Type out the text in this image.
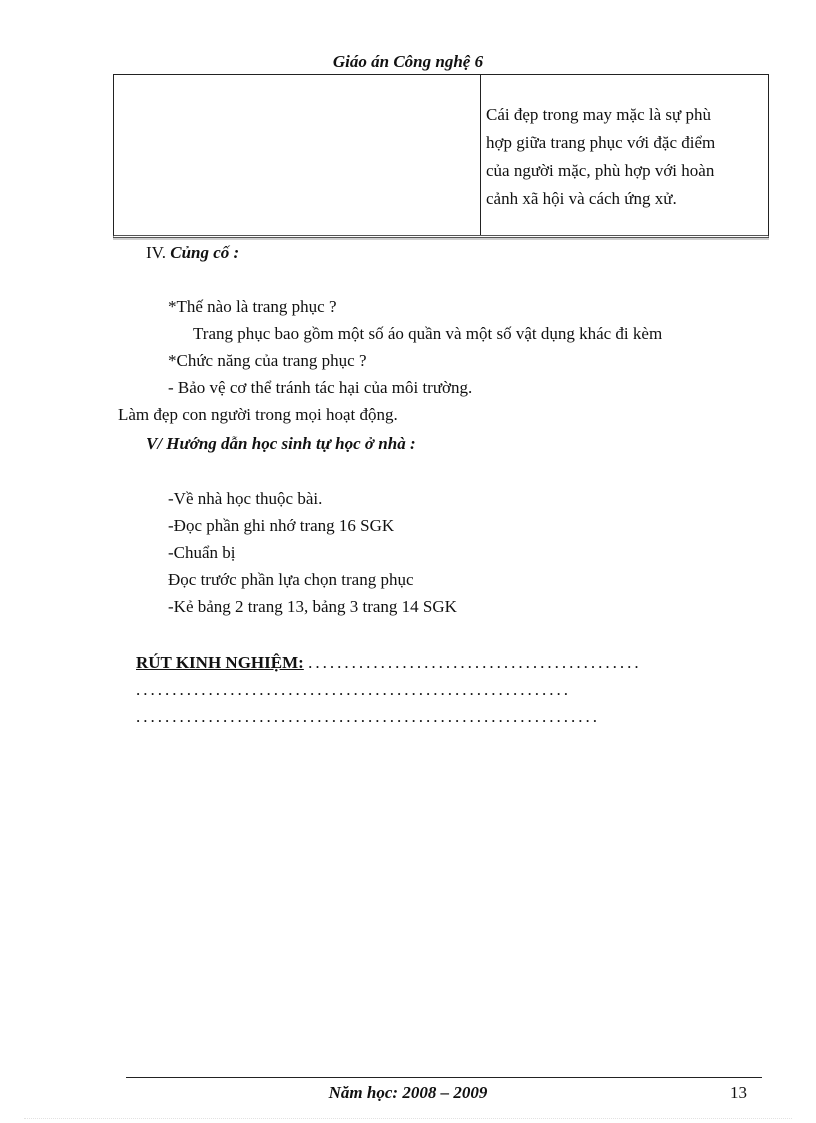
Giáo án Công nghệ 6
Cái đẹp trong may mặc là sự phù
hợp giữa trang phục với đặc điểm
của người mặc, phù hợp với hoàn
cảnh xã hội và cách ứng xử.
IV. Củng cố :
*Thế nào là trang phục ?
Trang phục bao gồm một số áo quần và một số vật dụng khác đi kèm
*Chức năng của trang phục ?
- Bảo vệ cơ thể tránh tác hại của môi trường.
Làm đẹp con người trong mọi hoạt động.
V/ Hướng dẫn học sinh tự học ở nhà :
-Về nhà học thuộc bài.
-Đọc phần ghi nhớ trang 16 SGK
-Chuẩn bị
Đọc trước phần lựa chọn trang phục
-Kẻ bảng 2 trang 13, bảng 3 trang 14 SGK
RÚT KINH NGHIỆM: ..............................................
............................................................
................................................................
Năm học: 2008 – 2009	13
